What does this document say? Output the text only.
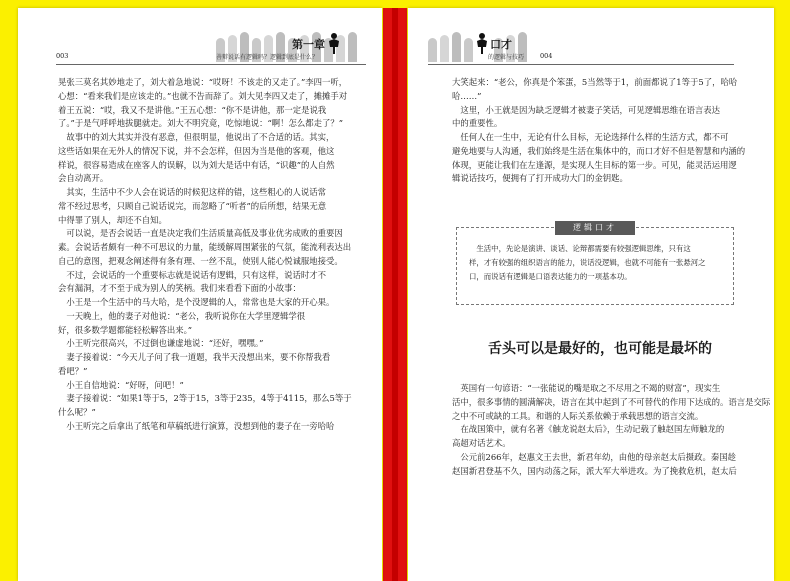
第一章
003	善辩说话有逻辑吗？逻辑到底是什么？

晃张三莫名其妙地走了，刘大着急地说：“哎呀！不该走的又走了。”李四一听，

心想：“看来我们是应该走的。”也就不告而辞了。刘大见李四又走了，摊摊手对

着王五说：“哎，我又不是讲他。”王五心想：“你不是讲他，那一定是说我

了。”于是气呼呼地拔腿就走。刘大不明究竟，吃惊地说：“啊！怎么都走了？”

故事中的刘大其实并没有恶意，但很明显，他说出了不合适的话。其实，

这些话如果在无外人的情况下说，并不会怎样，但因为当是他的客观，他这

样说，很容易造成在座客人的误解，以为刘大是话中有话，“识趣”的人自然

会自动离开。

其实，生活中不少人会在说话的时候犯这样的错，这些粗心的人说话常

常不经过思考，只顾自己说话说完，而忽略了“听者”的后所想，结果无意

中得罪了别人，却还不自知。

可以说，是否会说话一直是决定我们生活质量高低及事业优劣成败的重要因

素。会说话者颇有一种不可思议的力量，能缓解周围紧张的气氛，能流利表达出

自己的意图，把观念阐述得有条有理、一丝不乱，使别人能心悦诚服地接受。

不过，会说话的一个重要标志就是说话有逻辑，只有这样，说话时才不

会有漏洞，才不至于成为别人的笑柄。我们来看看下面的小故事：

小王是一个生活中的马大哈，是个没逻辑的人，常常也是大家的开心果。

一天晚上，他的妻子对他说：“老公，我听说你在大学里逻辑学很

好，很多数学题都能轻松解答出来。”

小王听完很高兴，不过倒也谦虚地说：“还好，嘿嘿。”

妻子接着说：“今天儿子问了我一道题，我半天没想出来，要不你帮我看

看吧？”

小王自信地说：“好呀，问吧！”

妻子接着说：“如果1等于5，2等于15，3等于235，4等于4115，那么5等于

什么呢？”

小王听完之后拿出了纸笔和草稿纸进行演算，没想到他的妻子在一旁哈哈

口才
的逻辑与技巧 004

大笑起来：“老公，你真是个笨蛋，5当然等于1，前面都说了1等于5了，哈哈

哈……”

这里，小王就是因为缺乏逻辑才被妻子笑话，可见逻辑思维在语言表达

中的重要性。

任何人在一生中，无论有什么目标，无论选择什么样的生活方式，都不可

避免地要与人沟通，我们始终是生活在集体中的，而口才好不但是智慧和内涵的

体现，更能让我们在左逢源，是实现人生目标的第一步。可见，能灵活运用逻

辑说话技巧，便拥有了打开成功大门的金钥匙。

逻辑口才
生活中，先论是演讲、谈话、论辩都需要有较强逻辑思维，只有这
样，才有较强的组织语言的能力，说话没逻辑，也就不可能有一张悬河之
口，而说话有逻辑是口语表达能力的一项基本功。
舌头可以是最好的，也可能是最坏的

英国有一句谚语：“一张能说的嘴是取之不尽用之不竭的财富”，现实生

活中，很多事情的圆满解决，语言在其中起到了不可替代的作用下达成的。语言是交际

之中不可或缺的工具。和谐的人际关系依赖于承载思想的语言交流。

在战国策中，就有名著《触龙说赵太后》，生动记载了触赵国左师触龙的

高超对话艺术。

公元前266年，赵惠文王去世，新君年幼，由他的母亲赵太后摄政。秦国趁

赵国新君登基不久，国内动荡之际，派大军大举进攻。为了挽救危机，赵太后
